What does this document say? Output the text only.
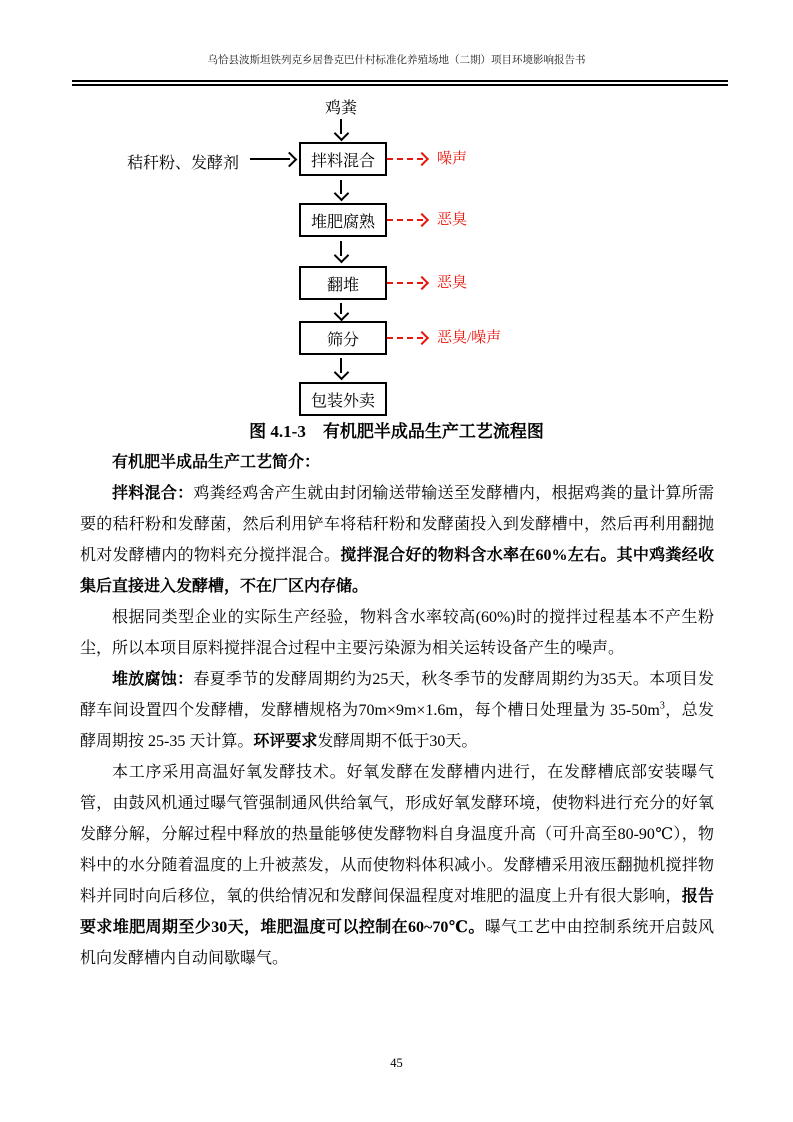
乌恰县波斯坦铁列克乡居鲁克巴什村标准化养殖场地（二期）项目环境影响报告书
鸡粪
秸秆粉、发酵剂	拌料混合	噪声
堆肥腐熟	恶臭
翻堆	恶臭
筛分	恶臭/噪声
包装外卖
图 4.1-3　有机肥半成品生产工艺流程图

有机肥半成品生产工艺简介：

拌料混合：鸡粪经鸡舍产生就由封闭输送带输送至发酵槽内，根据鸡粪的量计算所需要的秸秆粉和发酵菌，然后利用铲车将秸秆粉和发酵菌投入到发酵槽中，然后再利用翻抛机对发酵槽内的物料充分搅拌混合。搅拌混合好的物料含水率在60%左右。其中鸡粪经收集后直接进入发酵槽，不在厂区内存储。

根据同类型企业的实际生产经验，物料含水率较高(60%)时的搅拌过程基本不产生粉尘，所以本项目原料搅拌混合过程中主要污染源为相关运转设备产生的噪声。

堆放腐蚀：春夏季节的发酵周期约为25天，秋冬季节的发酵周期约为35天。本项目发酵车间设置四个发酵槽，发酵槽规格为70m×9m×1.6m，每个槽日处理量为 $35-50m^3$，总发酵周期按 25-35 天计算。环评要求发酵周期不低于30天。

本工序采用高温好氧发酵技术。好氧发酵在发酵槽内进行，在发酵槽底部安装曝气管，由鼓风机通过曝气管强制通风供给氧气，形成好氧发酵环境，使物料进行充分的好氧发酵分解，分解过程中释放的热量能够使发酵物料自身温度升高（可升高至80-90℃），物料中的水分随着温度的上升被蒸发，从而使物料体积减小。发酵槽采用液压翻抛机搅拌物料并同时向后移位，氧的供给情况和发酵间保温程度对堆肥的温度上升有很大影响，报告要求堆肥周期至少30天，堆肥温度可以控制在60~70℃。曝气工艺中由控制系统开启鼓风机向发酵槽内自动间歇曝气。

45
